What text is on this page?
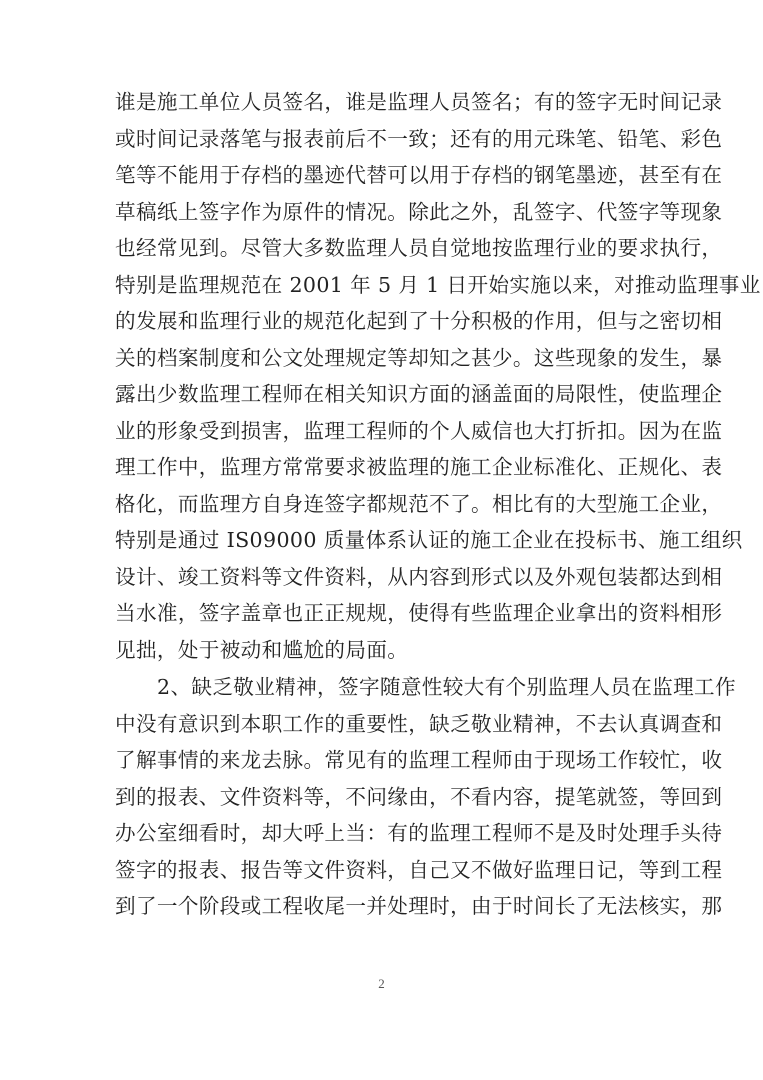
谁是施工单位人员签名，谁是监理人员签名；有的签字无时间记录
或时间记录落笔与报表前后不一致；还有的用元珠笔、铅笔、彩色
笔等不能用于存档的墨迹代替可以用于存档的钢笔墨迹，甚至有在
草稿纸上签字作为原件的情况。除此之外，乱签字、代签字等现象
也经常见到。尽管大多数监理人员自觉地按监理行业的要求执行，
特别是监理规范在 2001 年 5 月 1 日开始实施以来，对推动监理事业
的发展和监理行业的规范化起到了十分积极的作用，但与之密切相
关的档案制度和公文处理规定等却知之甚少。这些现象的发生，暴
露出少数监理工程师在相关知识方面的涵盖面的局限性，使监理企
业的形象受到损害，监理工程师的个人威信也大打折扣。因为在监
理工作中，监理方常常要求被监理的施工企业标准化、正规化、表
格化，而监理方自身连签字都规范不了。相比有的大型施工企业，
特别是通过 IS09000 质量体系认证的施工企业在投标书、施工组织
设计、竣工资料等文件资料，从内容到形式以及外观包装都达到相
当水准，签字盖章也正正规规，使得有些监理企业拿出的资料相形
见拙，处于被动和尴尬的局面。

2、缺乏敬业精神，签字随意性较大有个别监理人员在监理工作
中没有意识到本职工作的重要性，缺乏敬业精神，不去认真调查和
了解事情的来龙去脉。常见有的监理工程师由于现场工作较忙，收
到的报表、文件资料等，不问缘由，不看内容，提笔就签，等回到
办公室细看时，却大呼上当：有的监理工程师不是及时处理手头待
签字的报表、报告等文件资料，自己又不做好监理日记，等到工程
到了一个阶段或工程收尾一并处理时，由于时间长了无法核实，那

2
